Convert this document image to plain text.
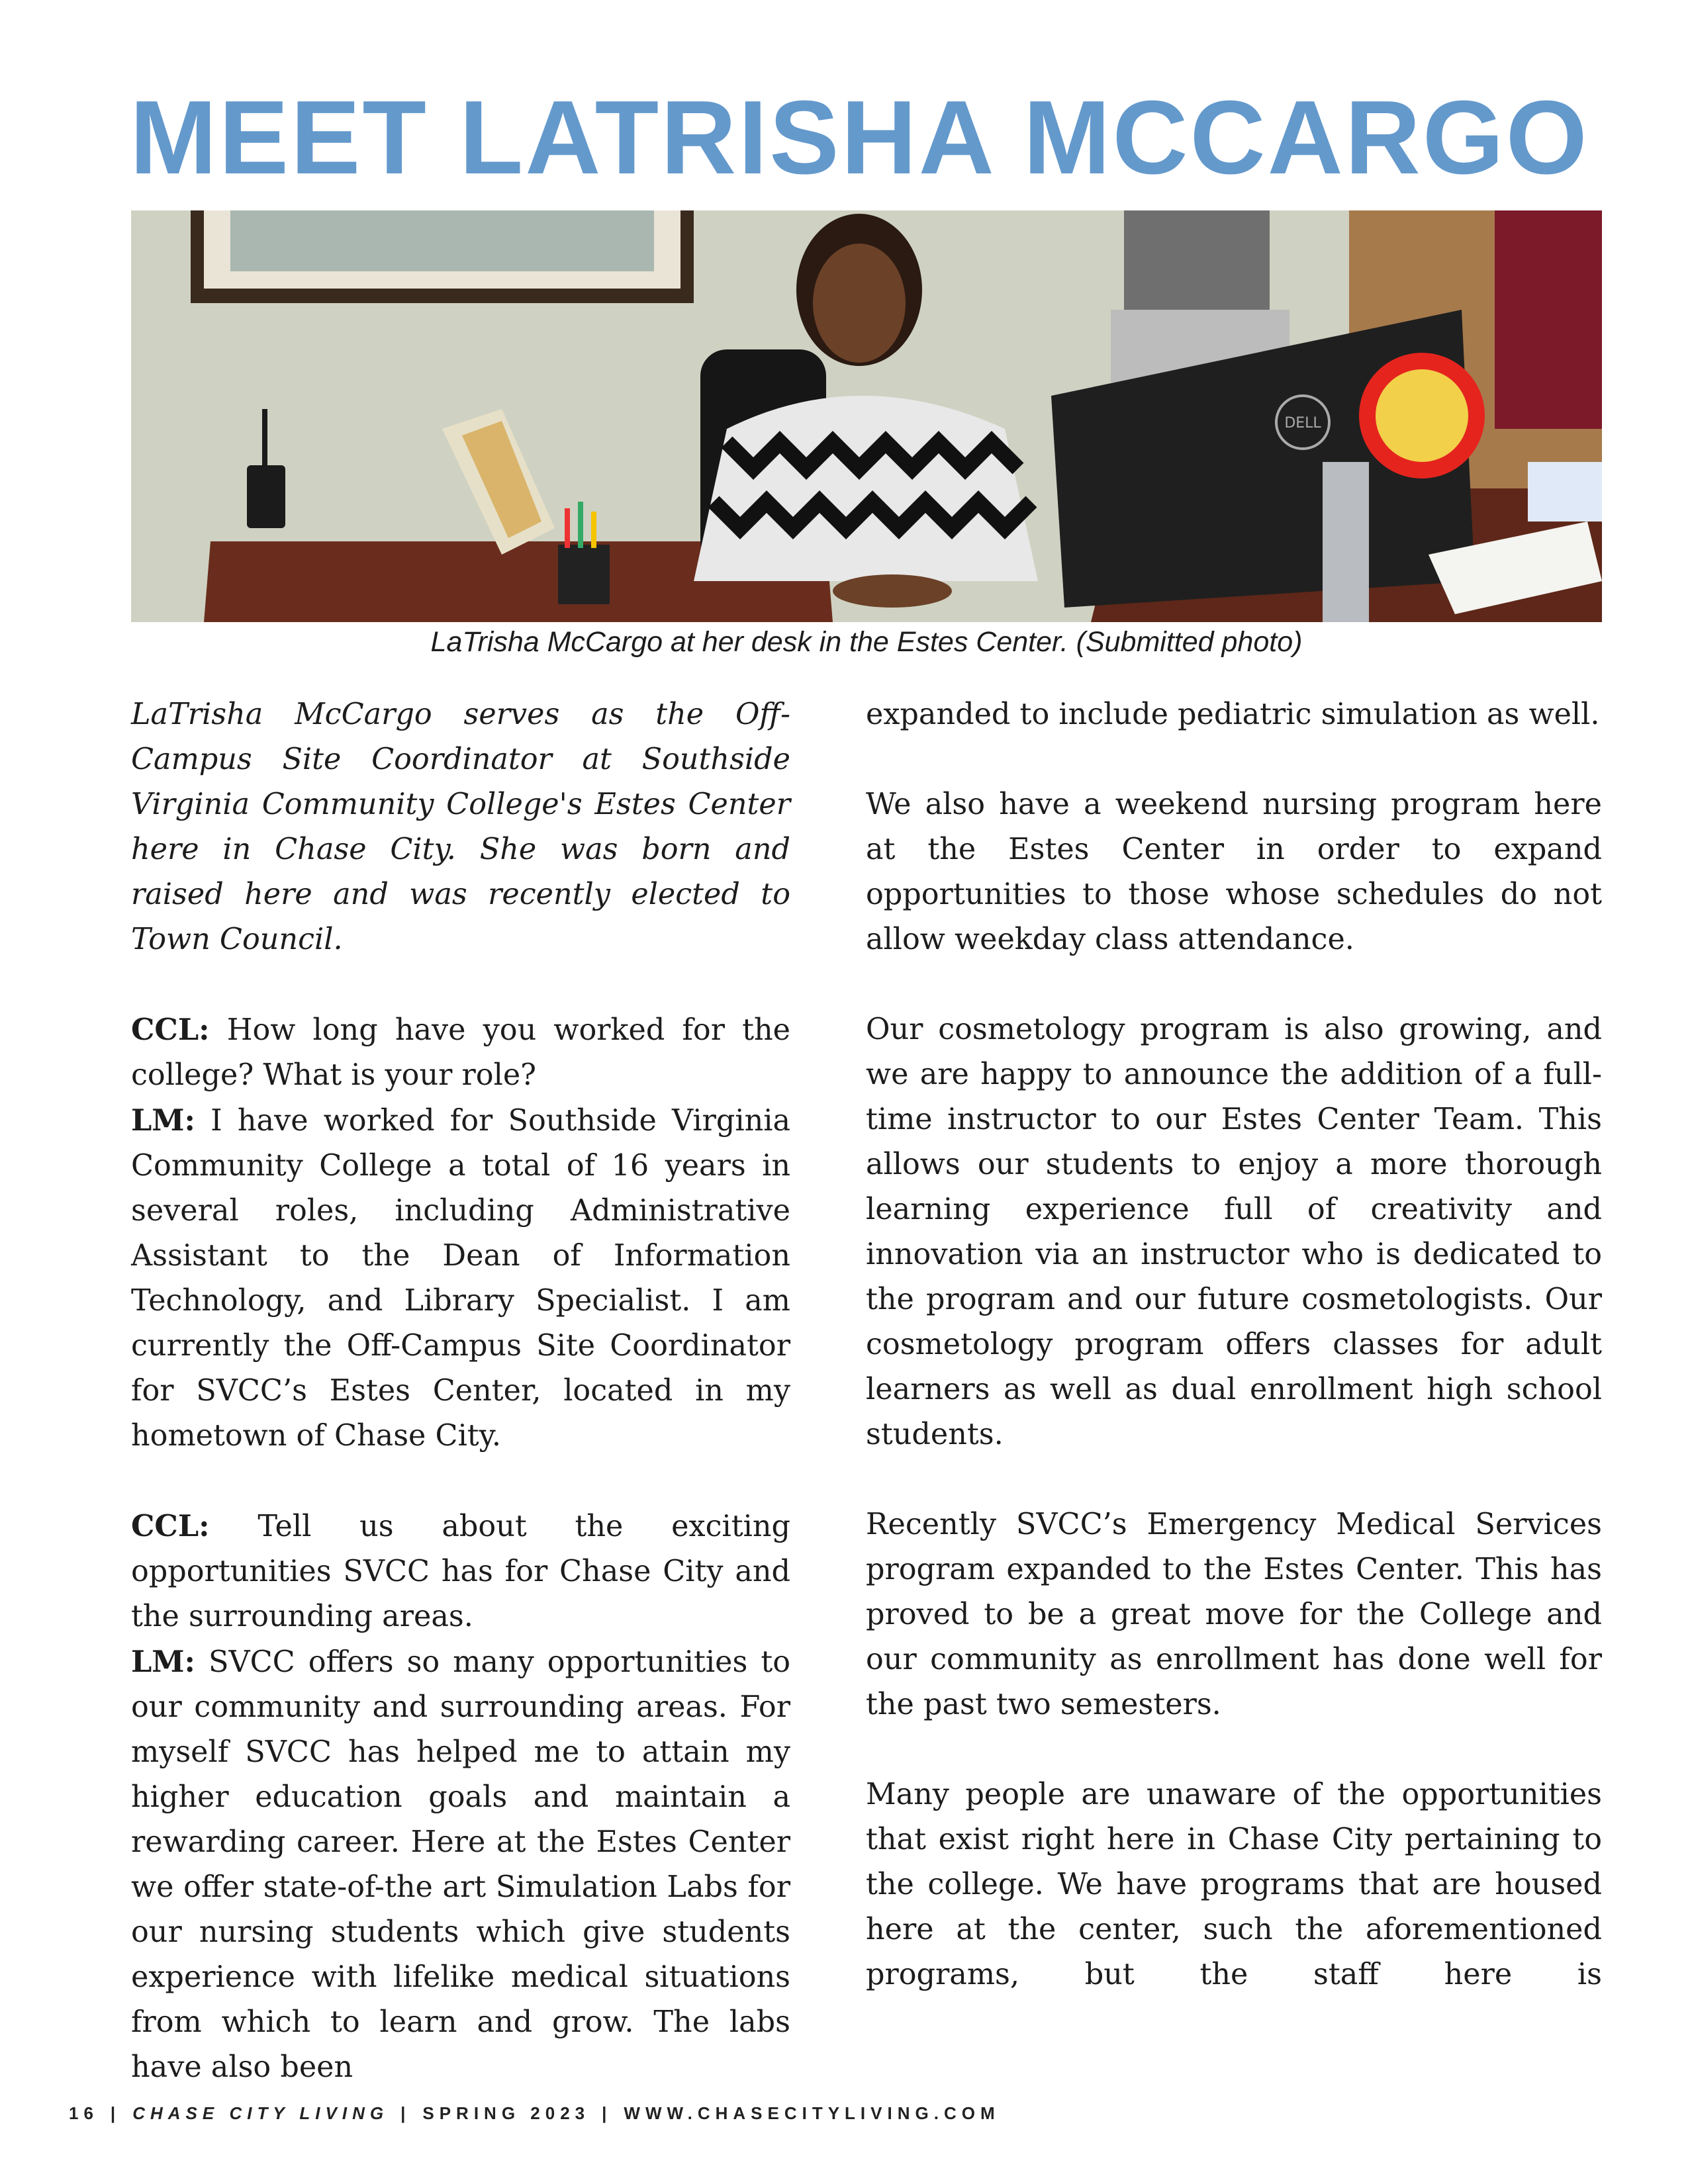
MEET LATRISHA MCCARGO
DELL
LaTrisha McCargo at her desk in the Estes Center. (Submitted photo)

LaTrisha McCargo serves as the Off-Campus Site Coordinator at Southside Virginia Community College's Estes Center here in Chase City. She was born and raised here and was recently elected to Town Council.

CCL: How long have you worked for the college? What is your role?

LM: I have worked for Southside Virginia Community College a total of 16 years in several roles, including Administrative Assistant to the Dean of Information Technology, and Library Specialist. I am currently the Off-Campus Site Coordinator for SVCC’s Estes Center, located in my hometown of Chase City.

CCL: Tell us about the exciting opportunities SVCC has for Chase City and the surrounding areas.

LM: SVCC offers so many opportunities to our community and surrounding areas. For myself SVCC has helped me to attain my higher education goals and maintain a rewarding career. Here at the Estes Center we offer state-of-the art Simulation Labs for our nursing students which give students experience with lifelike medical situations from which to learn and grow. The labs have also been

expanded to include pediatric simulation as well.

We also have a weekend nursing program here at the Estes Center in order to expand opportunities to those whose schedules do not allow weekday class attendance.

Our cosmetology program is also growing, and we are happy to announce the addition of a full-time instructor to our Estes Center Team. This allows our students to enjoy a more thorough learning experience full of creativity and innovation via an instructor who is dedicated to the program and our future cosmetologists. Our cosmetology program offers classes for adult learners as well as dual enrollment high school students.

Recently SVCC’s Emergency Medical Services program expanded to the Estes Center. This has proved to be a great move for the College and our community as enrollment has done well for the past two semesters.

Many people are unaware of the opportunities that exist right here in Chase City pertaining to the college. We have programs that are housed here at the center, such the aforementioned programs, but the staff here is

16 | CHASE CITY LIVING | SPRING 2023 | WWW.CHASECITYLIVING.COM
